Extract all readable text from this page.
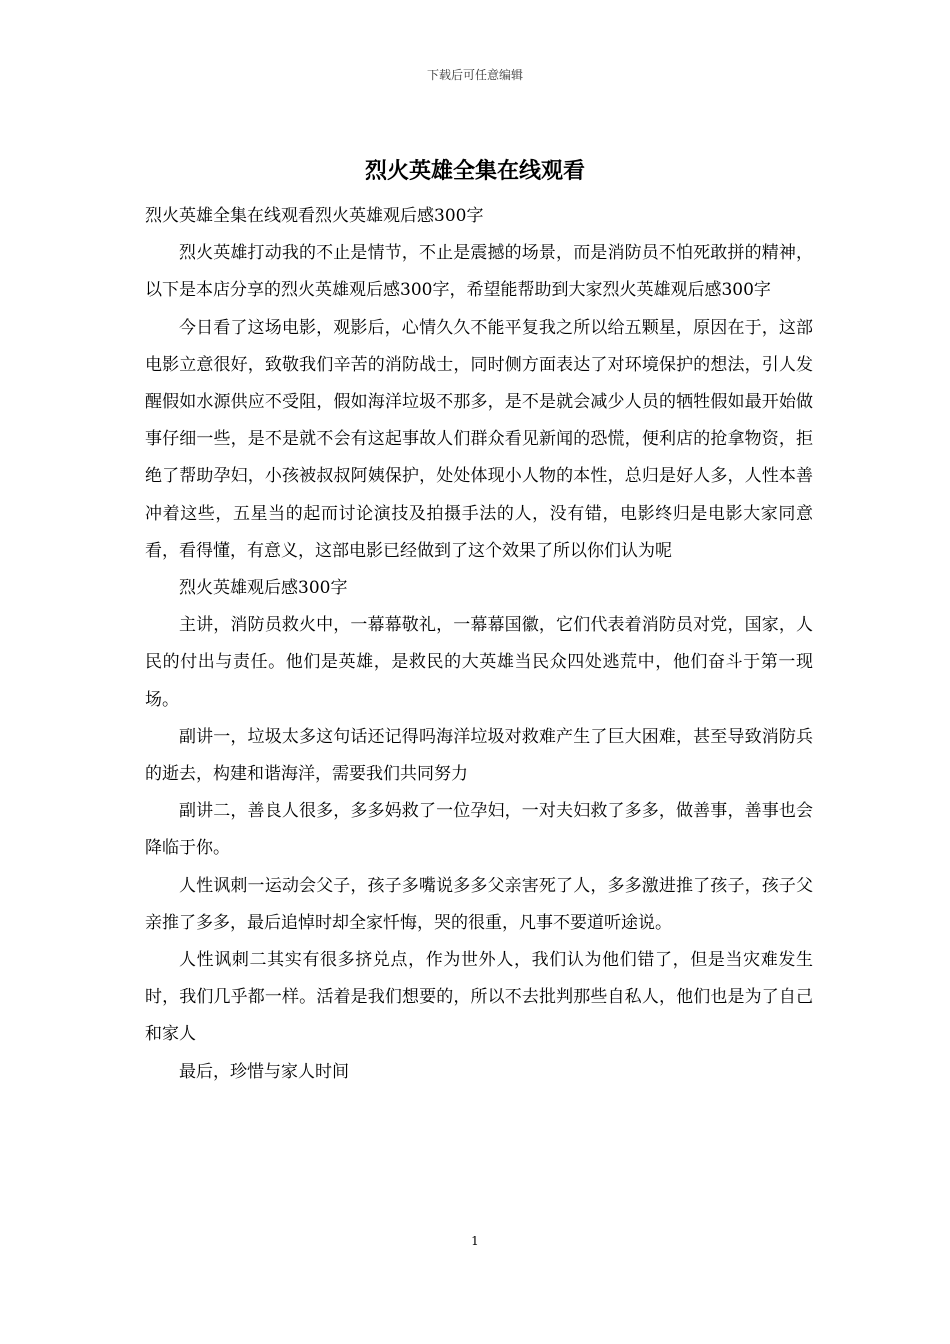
下载后可任意编辑
烈火英雄全集在线观看

烈火英雄全集在线观看烈火英雄观后感300字

烈火英雄打动我的不止是情节，不止是震撼的场景，而是消防员不怕死敢拼的精神，以下是本店分享的烈火英雄观后感300字，希望能帮助到大家烈火英雄观后感300字

今日看了这场电影，观影后，心情久久不能平复我之所以给五颗星，原因在于，这部电影立意很好，致敬我们辛苦的消防战士，同时侧方面表达了对环境保护的想法，引人发醒假如水源供应不受阻，假如海洋垃圾不那多，是不是就会减少人员的牺牲假如最开始做事仔细一些，是不是就不会有这起事故人们群众看见新闻的恐慌，便利店的抢拿物资，拒绝了帮助孕妇，小孩被叔叔阿姨保护，处处体现小人物的本性，总归是好人多，人性本善冲着这些，五星当的起而讨论演技及拍摄手法的人，没有错，电影终归是电影大家同意看，看得懂，有意义，这部电影已经做到了这个效果了所以你们认为呢

烈火英雄观后感300字

主讲，消防员救火中，一幕幕敬礼，一幕幕国徽，它们代表着消防员对党，国家，人民的付出与责任。他们是英雄，是救民的大英雄当民众四处逃荒中，他们奋斗于第一现场。

副讲一，垃圾太多这句话还记得吗海洋垃圾对救难产生了巨大困难，甚至导致消防兵的逝去，构建和谐海洋，需要我们共同努力

副讲二，善良人很多，多多妈救了一位孕妇，一对夫妇救了多多，做善事，善事也会降临于你。

人性讽刺一运动会父子，孩子多嘴说多多父亲害死了人，多多激进推了孩子，孩子父亲推了多多，最后追悼时却全家忏悔，哭的很重，凡事不要道听途说。

人性讽刺二其实有很多挤兑点，作为世外人，我们认为他们错了，但是当灾难发生时，我们几乎都一样。活着是我们想要的，所以不去批判那些自私人，他们也是为了自己和家人

最后，珍惜与家人时间

1
